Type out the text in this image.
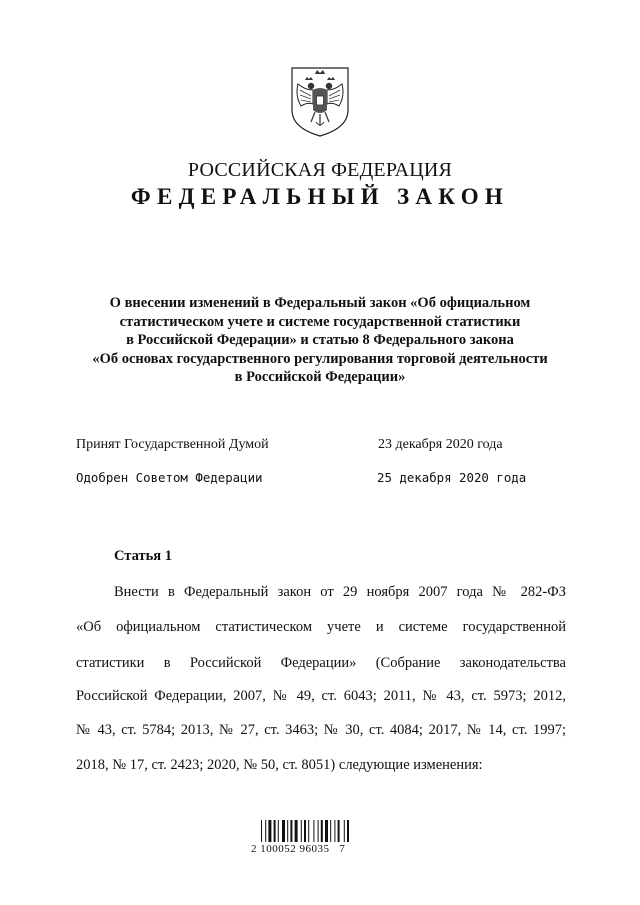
РОССИЙСКАЯ ФЕДЕРАЦИЯ
ФЕДЕРАЛЬНЫЙ ЗАКОН
О внесении изменений в Федеральный закон «Об официальном
статистическом учете и системе государственной статистики
в Российской Федерации» и статью 8 Федерального закона
«Об основах государственного регулирования торговой деятельности
в Российской Федерации»
Принят Государственной Думой	23 декабря 2020 года
Одобрен Советом Федерации	25 декабря 2020 года
Статья 1
Внести в Федеральный закон от 29 ноября 2007 года № 282-ФЗ
«Об официальном статистическом учете и системе государственной
статистики в Российской Федерации» (Собрание законодательства
Российской Федерации, 2007, № 49, ст. 6043; 2011, № 43, ст. 5973; 2012,
№ 43, ст. 5784; 2013, № 27, ст. 3463; № 30, ст. 4084; 2017, № 14, ст. 1997;
2018, № 17, ст. 2423; 2020, № 50, ст. 8051) следующие изменения:
2 100052 96035   7
